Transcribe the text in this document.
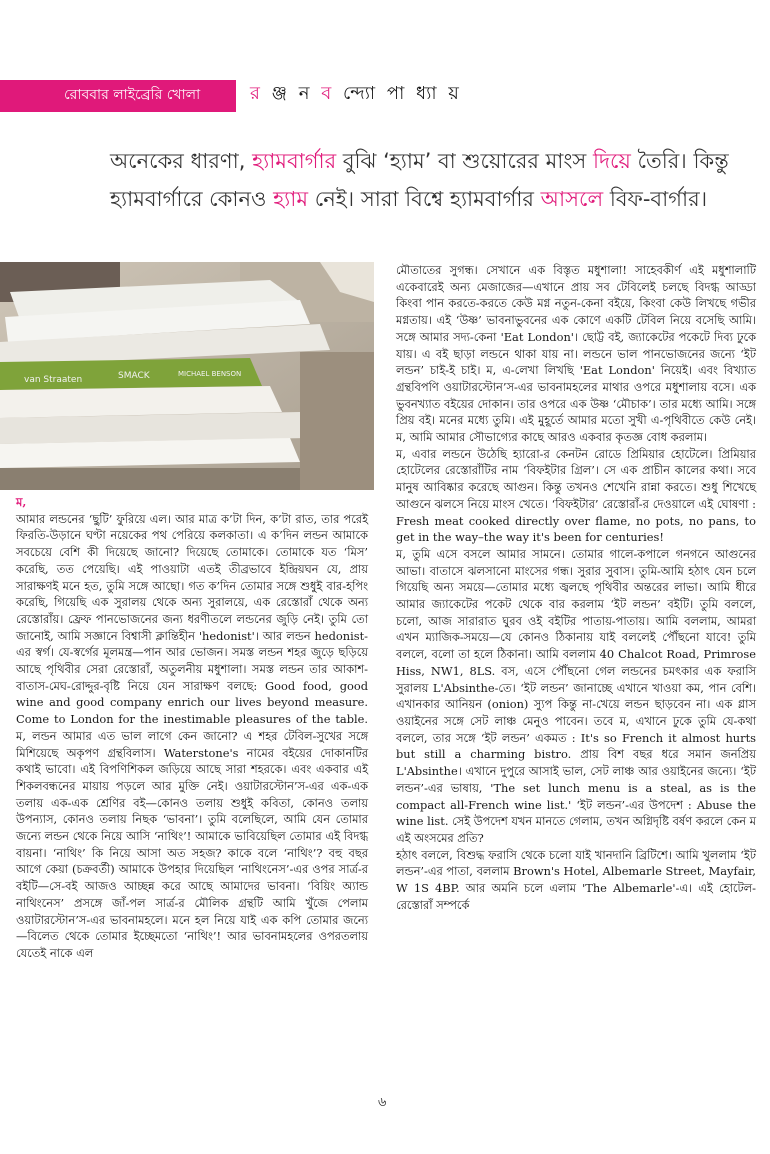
রোববার লাইব্রেরি খোলা	র ঞ্জ ন ব ন্দ্যো পা ধ্যা য়
অনেকের ধারণা, হ্যামবার্গার বুঝি ‘হ্যাম’ বা শুয়োরের মাংস দিয়ে তৈরি। কিন্তু হ্যামবার্গারে কোনও হ্যাম নেই। সারা বিশ্বে হ্যামবার্গার আসলে বিফ-বার্গার।
van Straaten	SMACK	MICHAEL BENSON

ম,

আমার লন্ডনের ‘ছুটি’ ফুরিয়ে এল। আর মাত্র ক’টা দিন, ক’টা রাত, তার পরেই ফিরতি-উড়ানে ঘণ্টা নয়েকের পথ পেরিয়ে কলকাতা। এ ক’দিন লন্ডন আমাকে সবচেয়ে বেশি কী দিয়েছে জানো? দিয়েছে তোমাকে। তোমাকে যত ‘মিস’ করেছি, তত পেয়েছি। এই পাওয়াটা এতই তীব্রভাবে ইন্দ্রিয়ঘন যে, প্রায় সারাক্ষণই মনে হত, তুমি সঙ্গে আছো। গত ক’দিন তোমার সঙ্গে শুধুই বার-হপিং করেছি, গিয়েছি এক সুরালয় থেকে অন্য সুরালয়ে, এক রেস্তোরাঁ থেকে অন্য রেস্তোরাঁয়। ফ্রেফ পানভোজনের জন্য ধরণীতলে লন্ডনের জুড়ি নেই। তুমি তো জানোই, আমি সজ্ঞানে বিশ্বাসী ক্লান্তিহীন 'hedonist'। আর লন্ডন hedonist-এর স্বর্গ। যে-স্বর্গের মূলমন্ত্র—পান আর ভোজন। সমস্ত লন্ডন শহর জুড়ে ছড়িয়ে আছে পৃথিবীর সেরা রেস্তোরাঁ, অতুলনীয় মধুশালা। সমস্ত লন্ডন তার আকাশ-বাতাস-মেঘ-রোদ্দুর-বৃষ্টি নিয়ে যেন সারাক্ষণ বলছে: Good food, good wine and good company enrich our lives beyond measure. Come to London for the inestimable pleasures of the table. ম, লন্ডন আমার এত ভাল লাগে কেন জানো? এ শহর টেবিল-সুখের সঙ্গে মিশিয়েছে অকৃপণ গ্রন্থবিলাস। Waterstone's নামের বইয়ের দোকানটির কথাই ভাবো। এই বিপণিশিকল জড়িয়ে আছে সারা শহরকে। এবং একবার এই শিকলবন্ধনের মায়ায় পড়লে আর মুক্তি নেই। ওয়াটারস্টোন’স-এর এক-এক তলায় এক-এক শ্রেণির বই—কোনও তলায় শুধুই কবিতা, কোনও তলায় উপন্যাস, কোনও তলায় নিছক ‘ভাবনা’। তুমি বলেছিলে, আমি যেন তোমার জন্যে লন্ডন থেকে নিয়ে আসি ‘নাথিং’! আমাকে ভাবিয়েছিল তোমার এই বিদগ্ধ বায়না। ‘নাথিং’ কি নিয়ে আসা অত সহজ? কাকে বলে ‘নাথিং’? বহু বছর আগে কেয়া (চক্রবর্তী) আমাকে উপহার দিয়েছিল ‘নাথিংনেস’-এর ওপর সার্ত্র-র বইটি—সে-বই আজও আচ্ছন্ন করে আছে আমাদের ভাবনা। ‘বিয়িং অ্যান্ড নাথিংনেস’ প্রসঙ্গে জাঁ-পল সার্ত্র-র মৌলিক গ্রন্থটি আমি খুঁজে পেলাম ওয়াটারস্টোন’স-এর ভাবনামহলে। মনে হল নিয়ে যাই এক কপি তোমার জন্যে—বিলেত থেকে তোমার ইচ্ছেমতো ‘নাথিং’! আর ভাবনামহলের ওপরতলায় যেতেই নাকে এল

মৌতাতের সুগন্ধ। সেখানে এক বিস্তৃত মধুশালা! সাহেবকীর্ণ এই মধুশালাটি একেবারেই অন্য মেজাজের—এখানে প্রায় সব টেবিলেই চলছে বিদগ্ধ আড্ডা কিংবা পান করতে-করতে কেউ মগ্ন নতুন-কেনা বইয়ে, কিংবা কেউ লিখছে গভীর মগ্নতায়। এই ‘উষ্ণ’ ভাবনাভুবনের এক কোণে একটি টেবিল নিয়ে বসেছি আমি। সঙ্গে আমার সদ্য-কেনা 'Eat London'। ছোট্ট বই, জ্যাকেটের পকেটে দিব্য ঢুকে যায়। এ বই ছাড়া লন্ডনে থাকা যায় না। লন্ডনে ভাল পানভোজনের জন্যে ‘ইট লন্ডন’ চাই-ই চাই। ম, এ-লেখা লিখছি 'Eat London' নিয়েই। এবং বিখ্যাত গ্রন্থবিপণি ওয়াটারস্টোন’স-এর ভাবনামহলের মাথার ওপরে মধুশালায় বসে। এক ভুবনখ্যাত বইয়ের দোকান। তার ওপরে এক উষ্ণ ‘মৌচাক’। তার মধ্যে আমি। সঙ্গে প্রিয় বই। মনের মধ্যে তুমি। এই মুহূর্তে আমার মতো সুখী এ-পৃথিবীতে কেউ নেই। ম, আমি আমার সৌভাগ্যের কাছে আরও একবার কৃতজ্ঞ বোধ করলাম।

ম, এবার লন্ডনে উঠেছি হ্যারো-র কেনটন রোডে প্রিমিয়ার হোটেলে। প্রিমিয়ার হোটেলের রেস্তোরাঁটির নাম ‘বিফইটার গ্রিল’। সে এক প্রাচীন কালের কথা। সবে মানুষ আবিষ্কার করেছে আগুন। কিন্তু তখনও শেখেনি রান্না করতে। শুধু শিখেছে আগুনে ঝলসে নিয়ে মাংস খেতে। ‘বিফইটার’ রেস্তোরাঁ-র দেওয়ালে এই ঘোষণা : Fresh meat cooked directly over flame, no pots, no pans, to get in the way–the way it's been for centuries!

ম, তুমি এসে বসলে আমার সামনে। তোমার গালে-কপালে গনগনে আগুনের আভা। বাতাসে ঝলসানো মাংসের গন্ধ। সুরার সুবাস। তুমি-আমি হঠাৎ যেন চলে গিয়েছি অন্য সময়ে—তোমার মধ্যে জ্বলছে পৃথিবীর অন্তরের লাভা। আমি ধীরে আমার জ্যাকেটের পকেট থেকে বার করলাম ‘ইট লন্ডন’ বইটি। তুমি বললে, চলো, আজ সারারাত ঘুরব ওই বইটির পাতায়-পাতায়। আমি বললাম, আমরা এখন ম্যাজিক-সময়ে—যে কোনও ঠিকানায় যাই বললেই পৌঁছনো যাবে! তুমি বললে, বলো তা হলে ঠিকানা। আমি বললাম 40 Chalcot Road, Primrose Hiss, NW1, 8LS. বস, এসে পৌঁছনো গেল লন্ডনের চমৎকার এক ফরাসি সুরালয় L'Absinthe-তে। ‘ইট লন্ডন’ জানাচ্ছে এখানে খাওয়া কম, পান বেশি। এখানকার আনিয়ন (onion) স্যুপ কিন্তু না-খেয়ে লন্ডন ছাড়বেন না। এক গ্লাস ওয়াইনের সঙ্গে সেট লাঞ্চ মেনুও পাবেন। তবে ম, এখানে ঢুকে তুমি যে-কথা বললে, তার সঙ্গে ‘ইট লন্ডন’ একমত : It's so French it almost hurts but still a charming bistro. প্রায় বিশ বছর ধরে সমান জনপ্রিয় L'Absinthe। এখানে দুপুরে আসাই ভাল, সেট লাঞ্চ আর ওয়াইনের জন্যে। ‘ইট লন্ডন’-এর ভাষায়, 'The set lunch menu is a steal, as is the compact all-French wine list.' ‘ইট লন্ডন’-এর উপদেশ : Abuse the wine list. সেই উপদেশ যখন মানতে গেলাম, তখন অগ্নিদৃষ্টি বর্ষণ করলে কেন ম এই অংসমের প্রতি?

হঠাৎ বললে, বিশুদ্ধ ফরাসি থেকে চলো যাই খানদানি ব্রিটিশে। আমি খুললাম ‘ইট লন্ডন’-এর পাতা, বললাম Brown's Hotel, Albemarle Street, Mayfair, W 1S 4BP. আর অমনি চলে এলাম 'The Albemarle'-এ। এই হোটেল-রেস্তোরাঁ সম্পর্কে

৬
